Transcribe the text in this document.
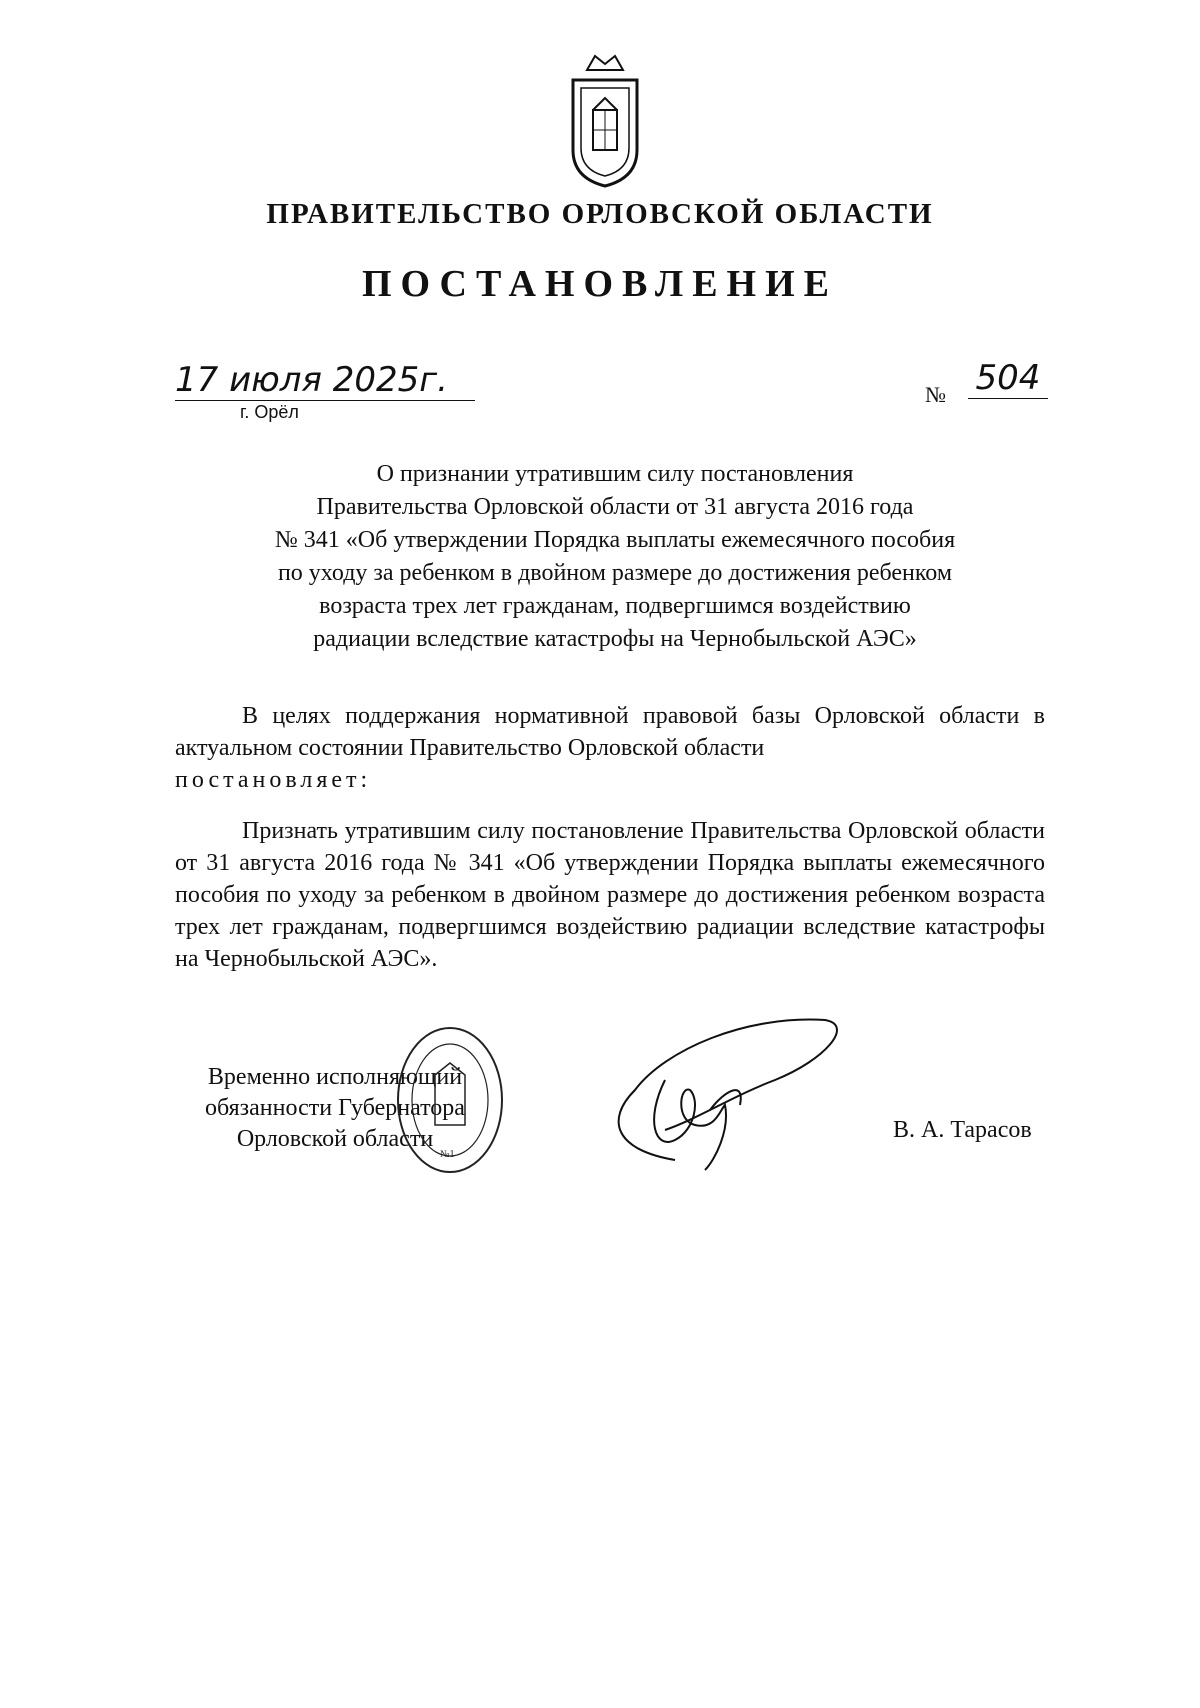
ПРАВИТЕЛЬСТВО ОРЛОВСКОЙ ОБЛАСТИ
ПОСТАНОВЛЕНИЕ
17 июля 2025г.
г. Орёл
№ 504
О признании утратившим силу постановления
Правительства Орловской области от 31 августа 2016 года
№ 341 «Об утверждении Порядка выплаты ежемесячного пособия
по уходу за ребенком в двойном размере до достижения ребенком
возраста трех лет гражданам, подвергшимся воздействию
радиации вследствие катастрофы на Чернобыльской АЭС»
В целях поддержания нормативной правовой базы Орловской области в актуальном состоянии Правительство Орловской области
постановляет:
Признать утратившим силу постановление Правительства Орловской области от 31 августа 2016 года № 341 «Об утверждении Порядка выплаты ежемесячного пособия по уходу за ребенком в двойном размере до достижения ребенком возраста трех лет гражданам, подвергшимся воздействию радиации вследствие катастрофы на Чернобыльской АЭС».
Временно исполняющий
обязанности Губернатора
Орловской области
№1
В. А. Тарасов
